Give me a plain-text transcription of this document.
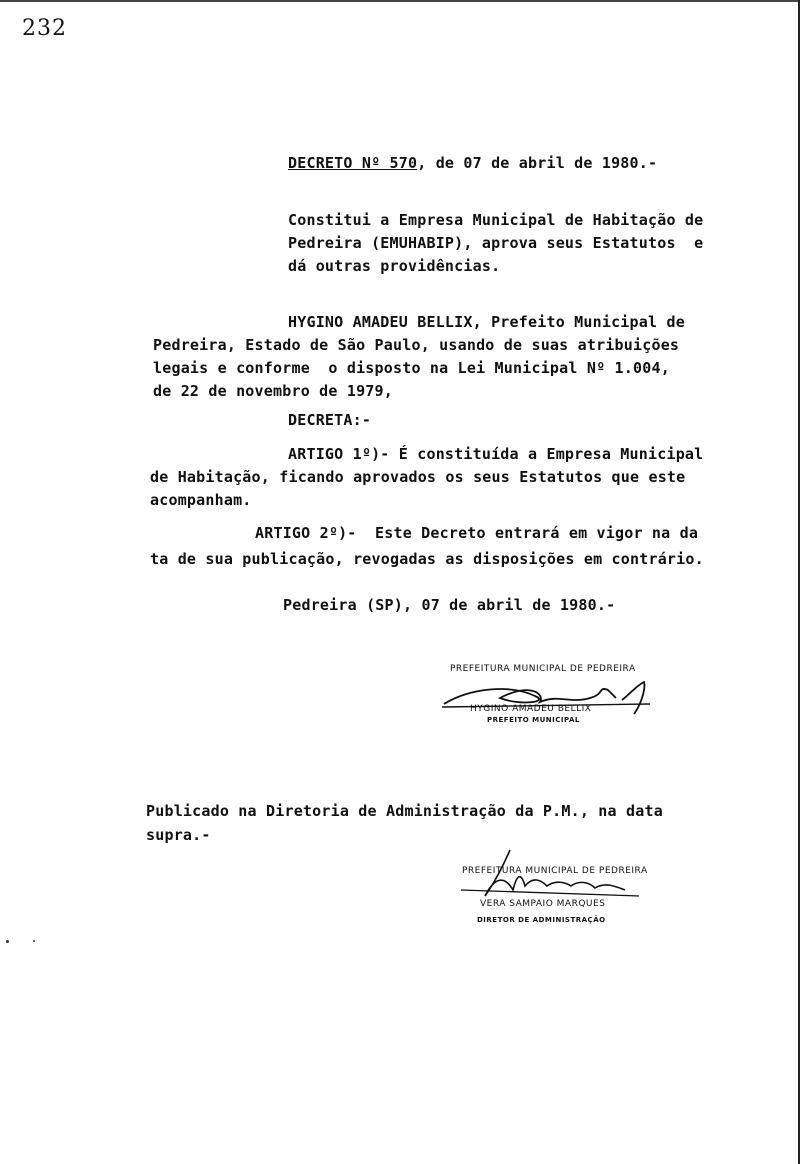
232
DECRETO Nº 570, de 07 de abril de 1980.-
Constitui a Empresa Municipal de Habitação de
Pedreira (EMUHABIP), aprova seus Estatutos  e
dá outras providências.
HYGINO AMADEU BELLIX, Prefeito Municipal de
Pedreira, Estado de São Paulo, usando de suas atribuições
legais e conforme  o disposto na Lei Municipal Nº 1.004,
de 22 de novembro de 1979,
DECRETA:-
ARTIGO 1º)- É constituída a Empresa Municipal
de Habitação, ficando aprovados os seus Estatutos que este
acompanham.
ARTIGO 2º)-  Este Decreto entrará em vigor na da
ta de sua publicação, revogadas as disposições em contrário.
Pedreira (SP), 07 de abril de 1980.-
PREFEITURA MUNICIPAL DE PEDREIRA
HYGINO AMADEU BELLIX
PREFEITO MUNICIPAL
Publicado na Diretoria de Administração da P.M., na data
supra.-
PREFEITURA MUNICIPAL DE PEDREIRA
VERA SAMPAIO MARQUES
DIRETOR DE ADMINISTRAÇÃO
